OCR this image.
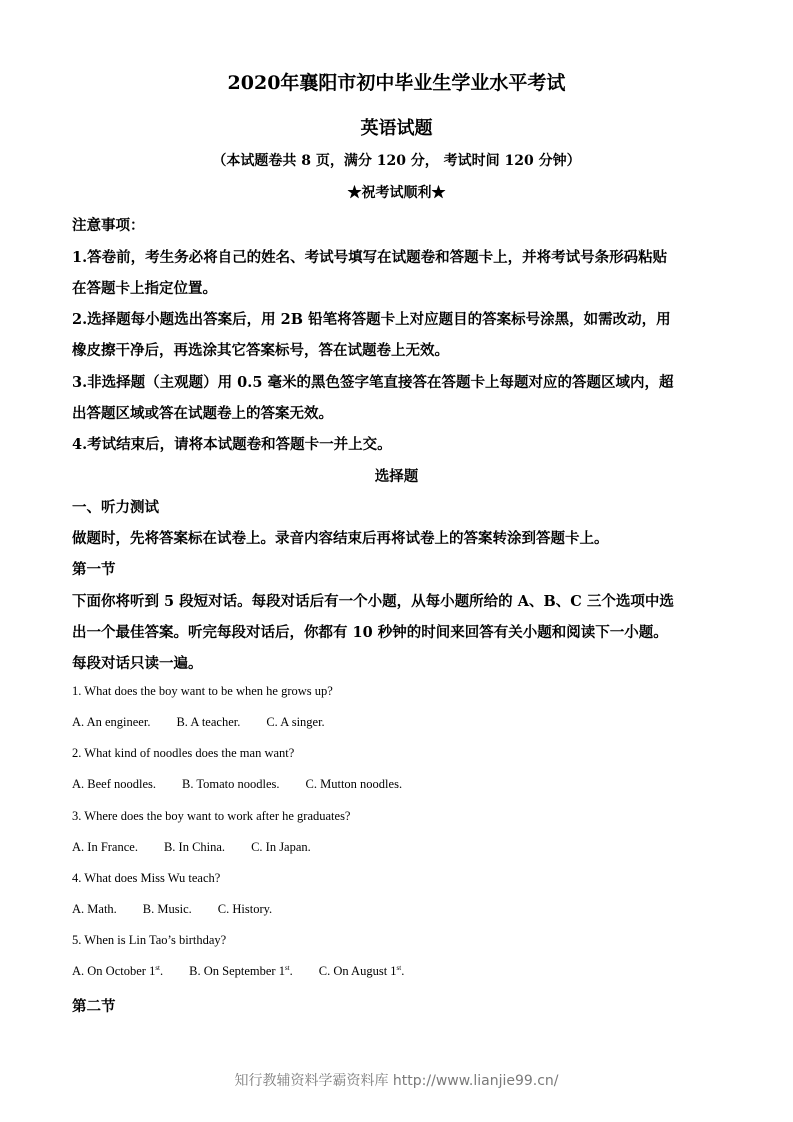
2020年襄阳市初中毕业生学业水平考试
英语试题
（本试题卷共 8 页，满分 120 分， 考试时间 120 分钟）
★祝考试顺利★
注意事项：
1.答卷前，考生务必将自己的姓名、考试号填写在试题卷和答题卡上，并将考试号条形码粘贴
在答题卡上指定位置。
2.选择题每小题选出答案后，用 2B 铅笔将答题卡上对应题目的答案标号涂黑，如需改动，用
橡皮擦干净后，再选涂其它答案标号，答在试题卷上无效。
3.非选择题（主观题）用 0.5 毫米的黑色签字笔直接答在答题卡上每题对应的答题区域内，超
出答题区域或答在试题卷上的答案无效。
4.考试结束后，请将本试题卷和答题卡一并上交。
选择题
一、听力测试
做题时，先将答案标在试卷上。录音内容结束后再将试卷上的答案转涂到答题卡上。
第一节
下面你将听到 5 段短对话。每段对话后有一个小题，从每小题所给的 A、B、C 三个选项中选
出一个最佳答案。听完每段对话后，你都有 10 秒钟的时间来回答有关小题和阅读下一小题。
每段对话只读一遍。
1. What does the boy want to be when he grows up?
A. An engineer. B. A teacher. C. A singer.
2. What kind of noodles does the man want?
A. Beef noodles. B. Tomato noodles. C. Mutton noodles.
3. Where does the boy want to work after he graduates?
A. In France. B. In China. C. In Japan.
4. What does Miss Wu teach?
A. Math. B. Music. C. History.
5. When is Lin Tao’s birthday?
A. On October 1st. B. On September 1st. C. On August 1st.
第二节
知行教辅资料学霸资料库 http://www.lianjie99.cn/
